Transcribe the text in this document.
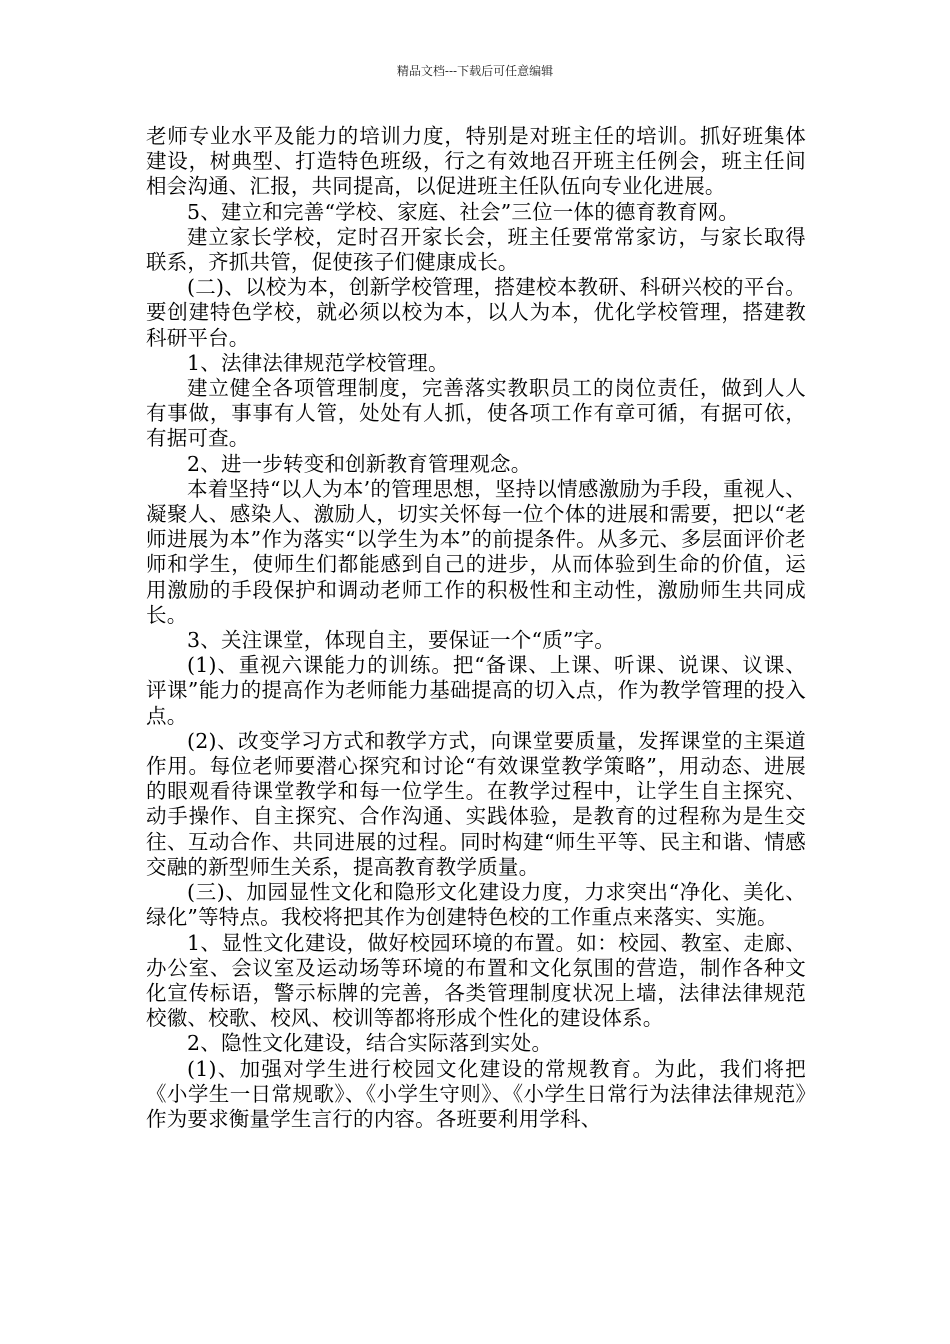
精品文档---下载后可任意编辑

老师专业水平及能力的培训力度，特别是对班主任的培训。抓好班集体建设，树典型、打造特色班级，行之有效地召开班主任例会，班主任间相会沟通、汇报，共同提高，以促进班主任队伍向专业化进展。

5、建立和完善“学校、家庭、社会”三位一体的德育教育网。

建立家长学校，定时召开家长会，班主任要常常家访，与家长取得联系，齐抓共管，促使孩子们健康成长。

(二)、以校为本，创新学校管理，搭建校本教研、科研兴校的平台。要创建特色学校，就必须以校为本，以人为本，优化学校管理，搭建教科研平台。

1、法律法律规范学校管理。

建立健全各项管理制度，完善落实教职员工的岗位责任，做到人人有事做，事事有人管，处处有人抓，使各项工作有章可循，有据可依，有据可查。

2、进一步转变和创新教育管理观念。

本着坚持“以人为本’的管理思想，坚持以情感激励为手段，重视人、凝聚人、感染人、激励人，切实关怀每一位个体的进展和需要，把以“老师进展为本”作为落实“以学生为本”的前提条件。从多元、多层面评价老师和学生，使师生们都能感到自己的进步，从而体验到生命的价值，运用激励的手段保护和调动老师工作的积极性和主动性，激励师生共同成长。

3、关注课堂，体现自主，要保证一个“质”字。

(1)、重视六课能力的训练。把“备课、上课、听课、说课、议课、评课”能力的提高作为老师能力基础提高的切入点，作为教学管理的投入点。

(2)、改变学习方式和教学方式，向课堂要质量，发挥课堂的主渠道作用。每位老师要潜心探究和讨论“有效课堂教学策略”，用动态、进展的眼观看待课堂教学和每一位学生。在教学过程中，让学生自主探究、动手操作、自主探究、合作沟通、实践体验，是教育的过程称为是生交往、互动合作、共同进展的过程。同时构建“师生平等、民主和谐、情感交融的新型师生关系，提高教育教学质量。

(三)、加园显性文化和隐形文化建设力度，力求突出“净化、美化、绿化”等特点。我校将把其作为创建特色校的工作重点来落实、实施。

1、显性文化建设，做好校园环境的布置。如：校园、教室、走廊、办公室、会议室及运动场等环境的布置和文化氛围的营造，制作各种文化宣传标语，警示标牌的完善，各类管理制度状况上墙，法律法律规范校徽、校歌、校风、校训等都将形成个性化的建设体系。

2、隐性文化建设，结合实际落到实处。

(1)、加强对学生进行校园文化建设的常规教育。为此，我们将把《小学生一日常规歌》、《小学生守则》、《小学生日常行为法律法律规范》作为要求衡量学生言行的内容。各班要利用学科、
